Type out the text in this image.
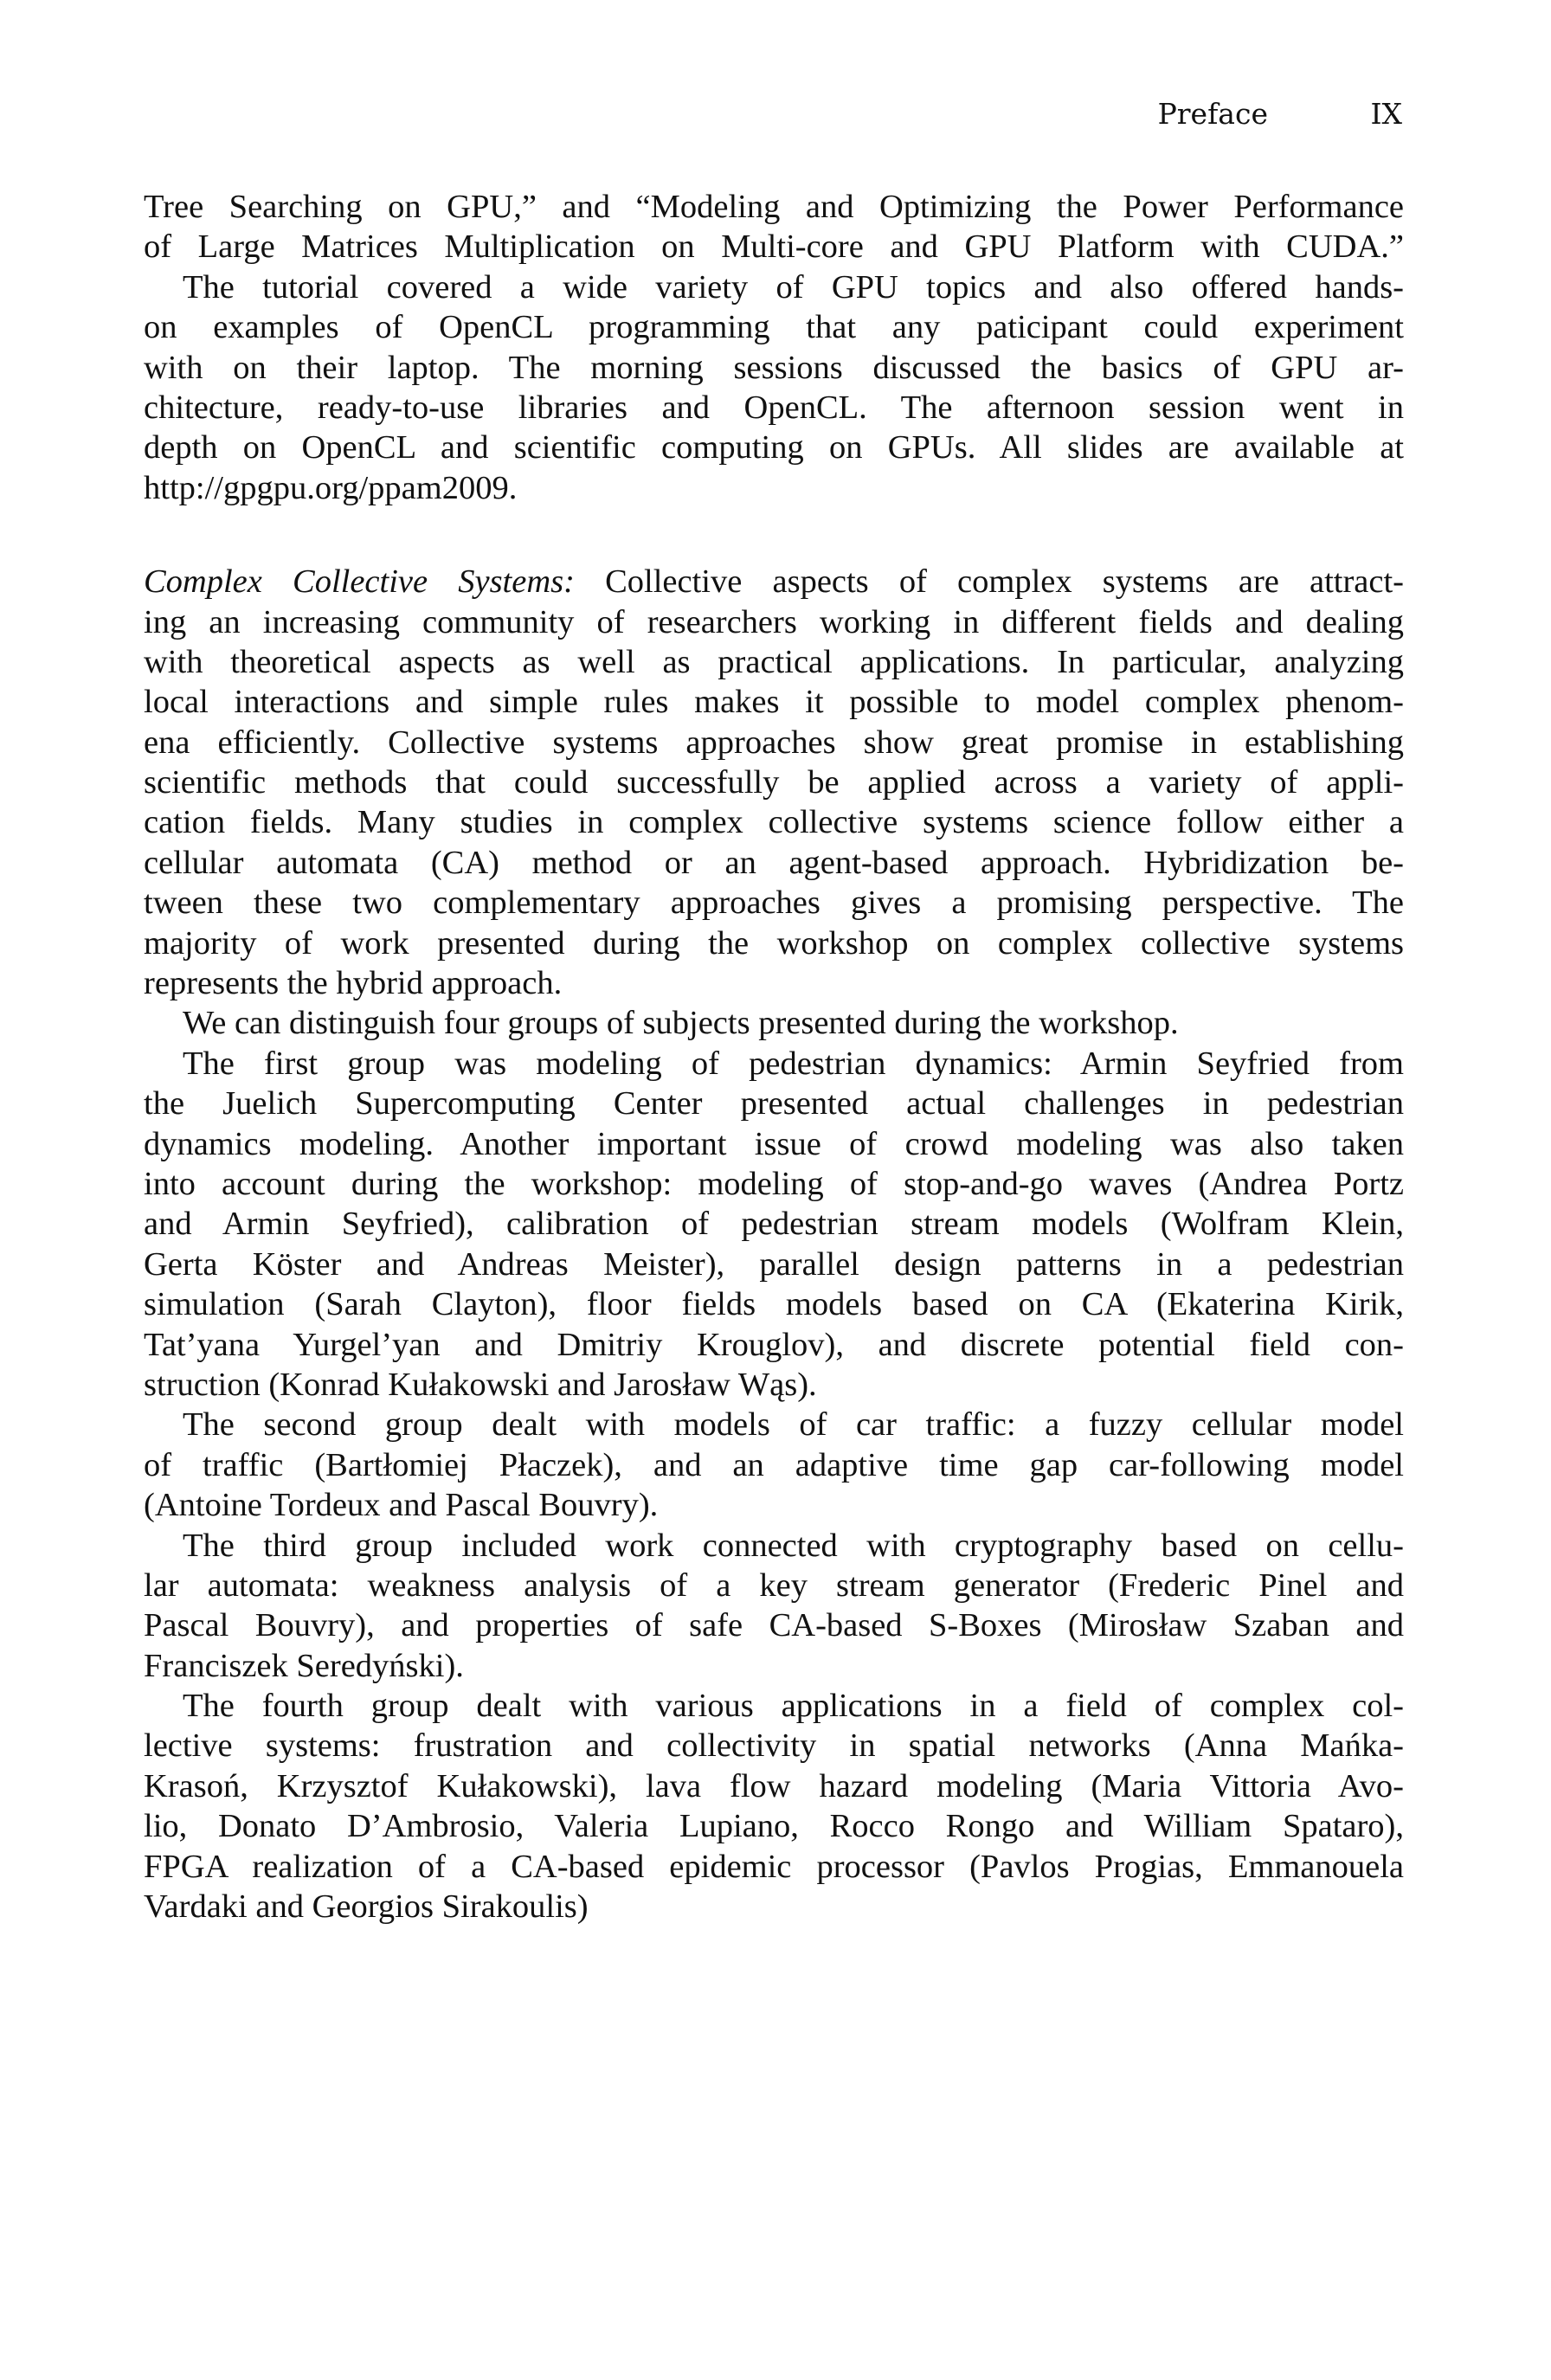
Preface	IX
Tree Searching on GPU,” and “Modeling and Optimizing the Power Performance
of Large Matrices Multiplication on Multi-core and GPU Platform with CUDA.”
The tutorial covered a wide variety of GPU topics and also offered hands-
on examples of OpenCL programming that any paticipant could experiment
with on their laptop. The morning sessions discussed the basics of GPU ar-
chitecture, ready-to-use libraries and OpenCL. The afternoon session went in
depth on OpenCL and scientific computing on GPUs. All slides are available at
http://gpgpu.org/ppam2009.
Complex Collective Systems: Collective aspects of complex systems are attract-
ing an increasing community of researchers working in different fields and dealing
with theoretical aspects as well as practical applications. In particular, analyzing
local interactions and simple rules makes it possible to model complex phenom-
ena efficiently. Collective systems approaches show great promise in establishing
scientific methods that could successfully be applied across a variety of appli-
cation fields. Many studies in complex collective systems science follow either a
cellular automata (CA) method or an agent-based approach. Hybridization be-
tween these two complementary approaches gives a promising perspective. The
majority of work presented during the workshop on complex collective systems
represents the hybrid approach.
We can distinguish four groups of subjects presented during the workshop.
The first group was modeling of pedestrian dynamics: Armin Seyfried from
the Juelich Supercomputing Center presented actual challenges in pedestrian
dynamics modeling. Another important issue of crowd modeling was also taken
into account during the workshop: modeling of stop-and-go waves (Andrea Portz
and Armin Seyfried), calibration of pedestrian stream models (Wolfram Klein,
Gerta Köster and Andreas Meister), parallel design patterns in a pedestrian
simulation (Sarah Clayton), floor fields models based on CA (Ekaterina Kirik,
Tat’yana Yurgel’yan and Dmitriy Krouglov), and discrete potential field con-
struction (Konrad Kułakowski and Jarosław Wąs).
The second group dealt with models of car traffic: a fuzzy cellular model
of traffic (Bartłomiej Płaczek), and an adaptive time gap car-following model
(Antoine Tordeux and Pascal Bouvry).
The third group included work connected with cryptography based on cellu-
lar automata: weakness analysis of a key stream generator (Frederic Pinel and
Pascal Bouvry), and properties of safe CA-based S-Boxes (Mirosław Szaban and
Franciszek Seredyński).
The fourth group dealt with various applications in a field of complex col-
lective systems: frustration and collectivity in spatial networks (Anna Mańka-
Krasoń, Krzysztof Kułakowski), lava flow hazard modeling (Maria Vittoria Avo-
lio, Donato D’Ambrosio, Valeria Lupiano, Rocco Rongo and William Spataro),
FPGA realization of a CA-based epidemic processor (Pavlos Progias, Emmanouela
Vardaki and Georgios Sirakoulis)
